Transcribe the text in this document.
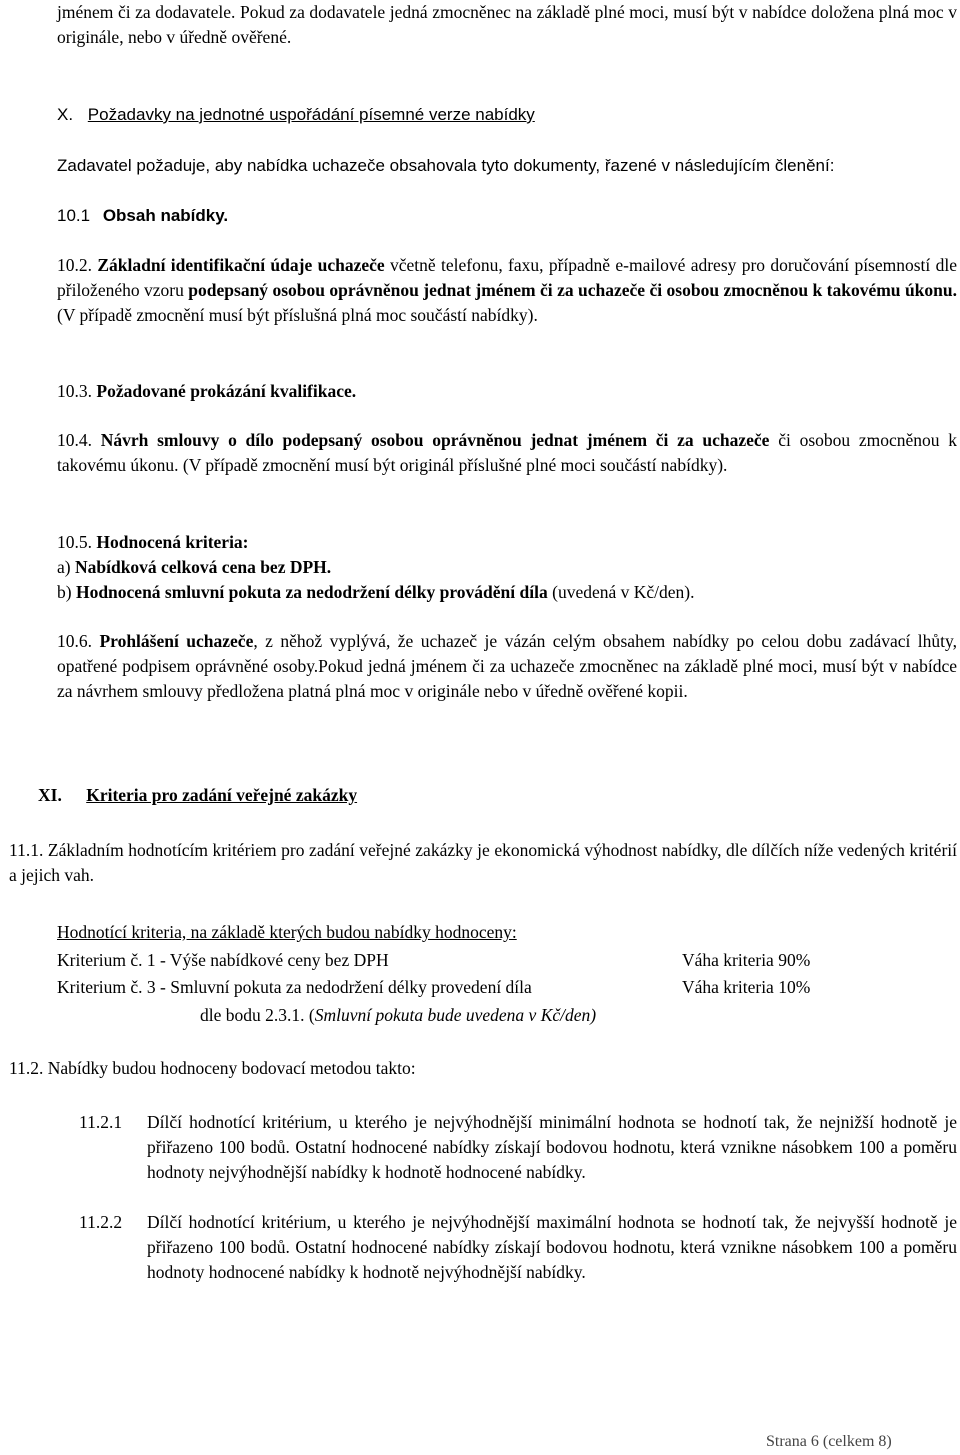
jménem či za dodavatele. Pokud za dodavatele jedná zmocněnec na základě plné moci, musí být v nabídce doložena plná moc v originále, nebo v úředně ověřené.

X. Požadavky na jednotné uspořádání písemné verze nabídky
Zadavatel požaduje, aby nabídka uchazeče obsahovala tyto dokumenty, řazené v následujícím členění:
10.1 Obsah nabídky.

10.2. Základní identifikační údaje uchazeče včetně telefonu, faxu, případně e-mailové adresy pro doručování písemností dle přiloženého vzoru podepsaný osobou oprávněnou jednat jménem či za uchazeče či osobou zmocněnou k takovému úkonu. (V případě zmocnění musí být příslušná plná moc součástí nabídky).

10.3. Požadované prokázání kvalifikace.

10.4. Návrh smlouvy o dílo podepsaný osobou oprávněnou jednat jménem či za uchazeče či osobou zmocněnou k takovému úkonu. (V případě zmocnění musí být originál příslušné plné moci součástí nabídky).

10.5. Hodnocená kriteria:
a) Nabídková celková cena bez DPH.
b) Hodnocená smluvní pokuta za nedodržení délky provádění díla (uvedená v Kč/den).

10.6. Prohlášení uchazeče, z něhož vyplývá, že uchazeč je vázán celým obsahem nabídky po celou dobu zadávací lhůty, opatřené podpisem oprávněné osoby.Pokud jedná jménem či za uchazeče zmocněnec na základě plné moci, musí být v nabídce za návrhem smlouvy předložena platná plná moc v originále nebo v úředně ověřené kopii.

XI. Kriteria pro zadání veřejné zakázky

11.1. Základním hodnotícím kritériem pro zadání veřejné zakázky je ekonomická výhodnost nabídky, dle dílčích níže vedených kritérií a jejich vah.

Hodnotící kriteria, na základě kterých budou nabídky hodnoceny:
Kriterium č. 1 - Výše nabídkové ceny bez DPH	Váha kriteria 90%
Kriterium č. 3 - Smluvní pokuta za nedodržení délky provedení díla	Váha kriteria 10%
dle bodu 2.3.1. (Smluvní pokuta bude uvedena v Kč/den)
11.2. Nabídky budou hodnoceny bodovací metodou takto:
11.2.1 Dílčí hodnotící kritérium, u kterého je nejvýhodnější minimální hodnota se hodnotí tak, že nejnižší hodnotě je přiřazeno 100 bodů. Ostatní hodnocené nabídky získají bodovou hodnotu, která vznikne násobkem 100 a poměru hodnoty nejvýhodnější nabídky k hodnotě hodnocené nabídky.

11.2.2 Dílčí hodnotící kritérium, u kterého je nejvýhodnější maximální hodnota se hodnotí tak, že nejvyšší hodnotě je přiřazeno 100 bodů. Ostatní hodnocené nabídky získají bodovou hodnotu, která vznikne násobkem 100 a poměru hodnoty hodnocené nabídky k hodnotě nejvýhodnější nabídky.

Strana 6 (celkem 8)
